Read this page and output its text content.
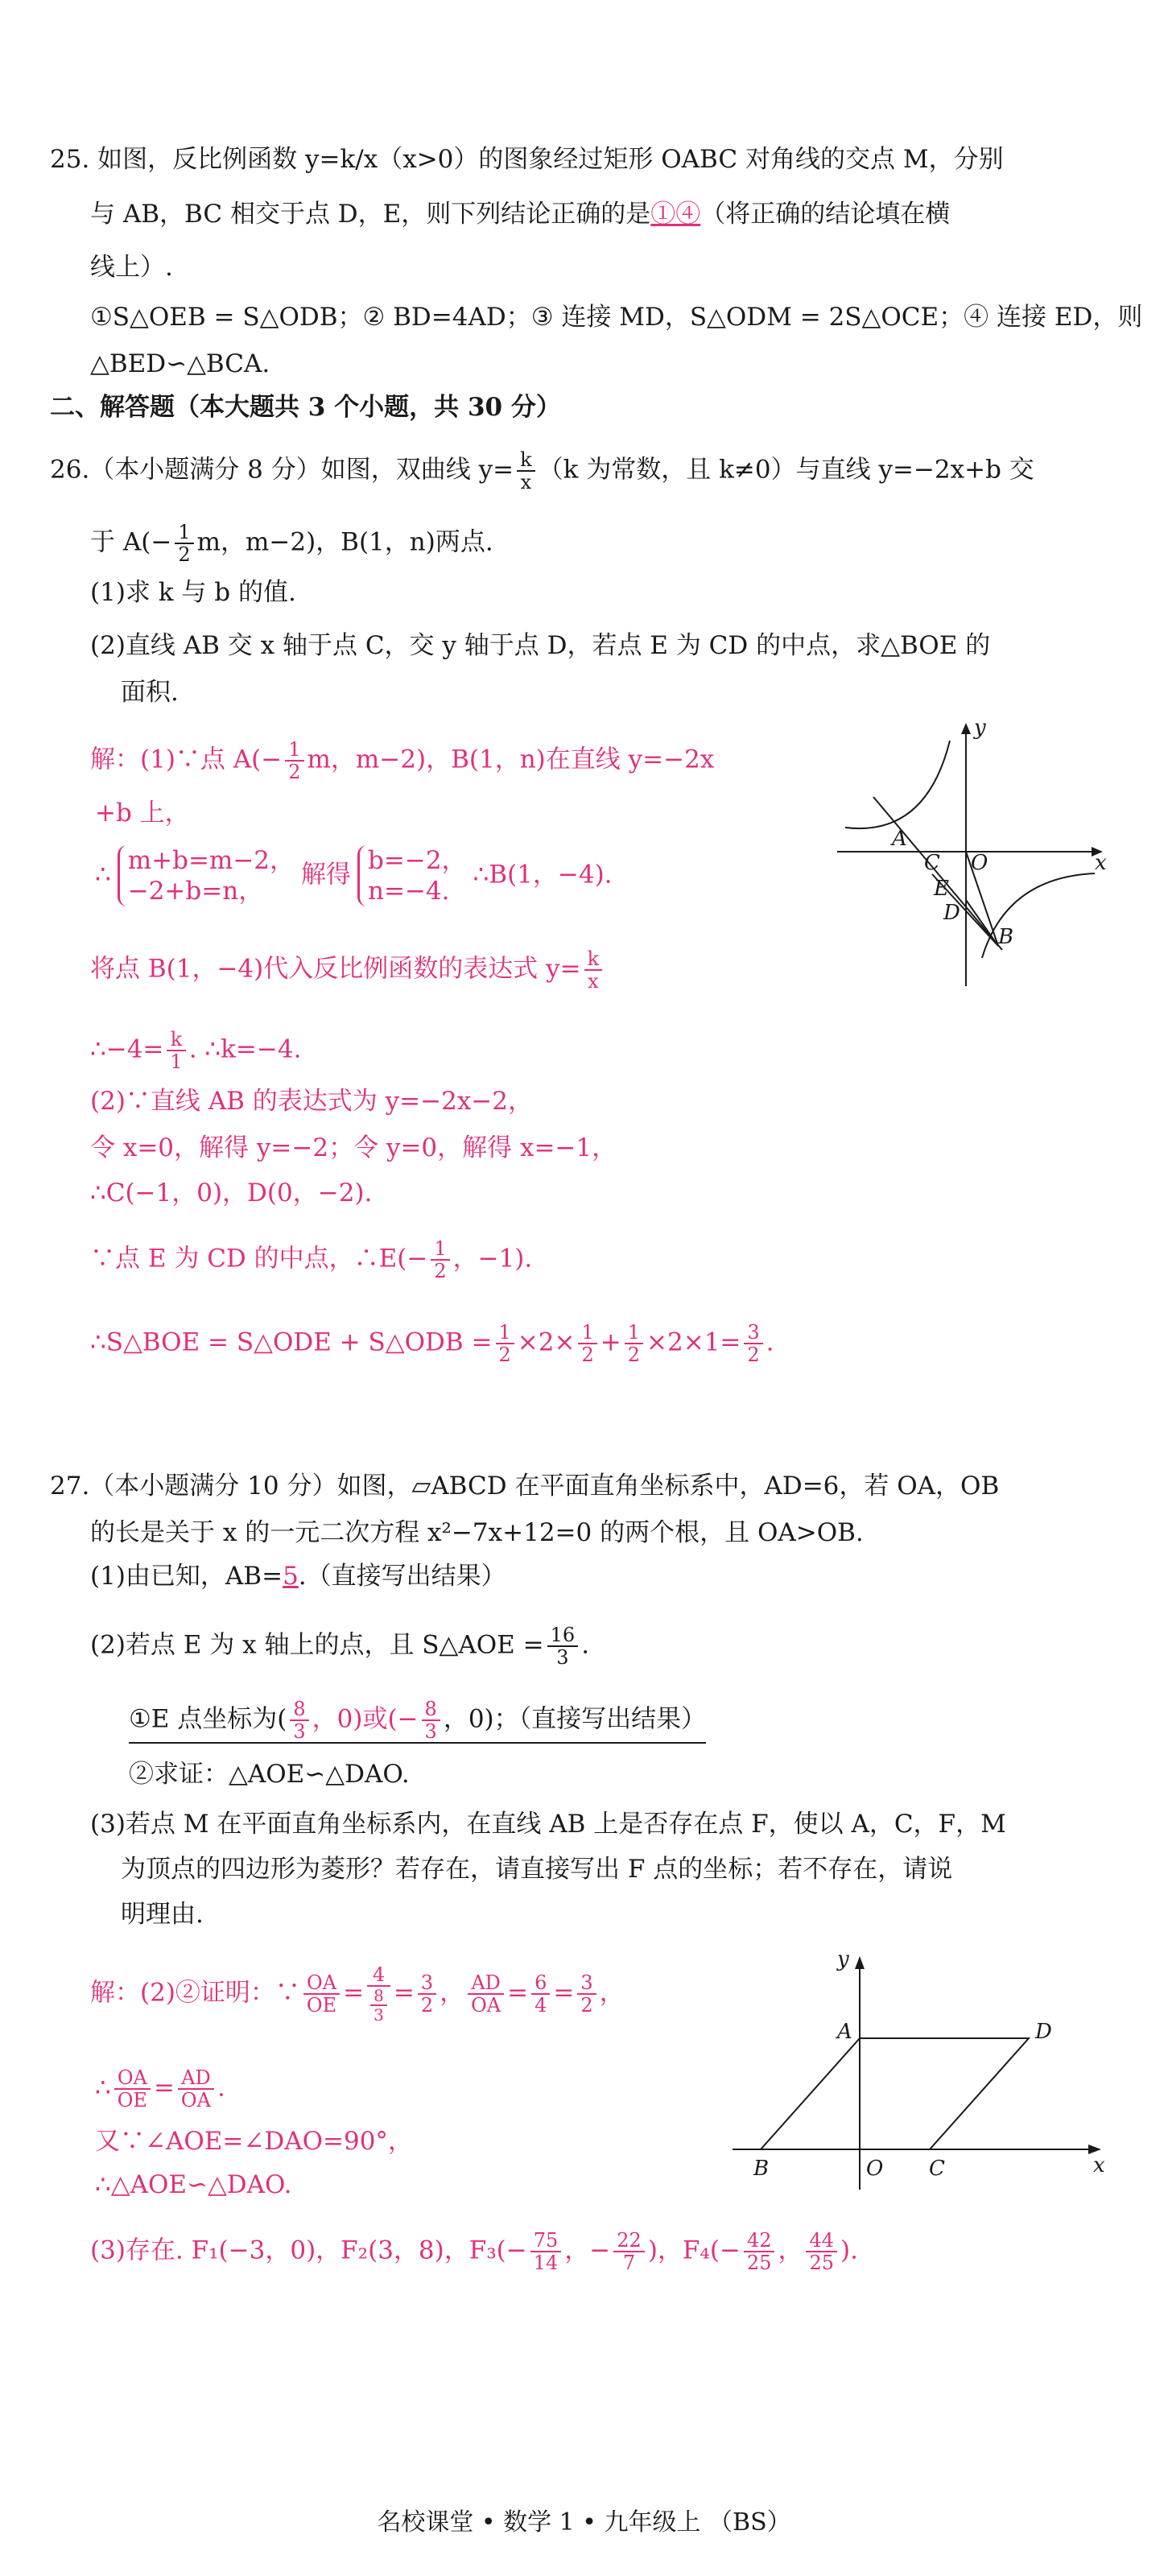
25. 如图，反比例函数 y=k/x（x>0）的图象经过矩形 OABC 对角线的交点 M，分别
与 AB，BC 相交于点 D，E，则下列结论正确的是①④（将正确的结论填在横
线上）.
①S△OEB = S△ODB；② BD=4AD；③ 连接 MD，S△ODM = 2S△OCE；④ 连接 ED，则
△BED∽△BCA.
二、解答题（本大题共 3 个小题，共 30 分）
26.（本小题满分 8 分）如图，双曲线 $y= \frac{k}{x} (k$ 为常数，且 k≠0）与直线 y=−2x+b 交
于 $A(- \frac{1}{2}$ m，m−2)，B(1，n)两点.
(1)求 k 与 b 的值.
(2)直线 AB 交 x 轴于点 C，交 y 轴于点 D，若点 E 为 CD 的中点，求△BOE 的
面积.
解：(1)∵点 $A(- \frac{1}{2}$ m，m−2)，B(1，n)在直线 y=−2x
+b 上，
∴ m+b=m−2，
−2+b=n，
解得 b=−2，
n=−4.
∴B(1，−4).
将点 B(1，−4)代入反比例函数的表达式 $y= \frac{k}{x}$
∴−4= $\frac{k}{1}$ . ∴k=−4.
(2)∵直线 AB 的表达式为 y=−2x−2，
令 x=0，解得 y=−2；令 y=0，解得 x=−1，
∴C(−1，0)，D(0，−2).
∵点 E 为 CD 的中点，∴E(− $\frac{1}{2}$ ，−1).
∴S△BOE = S△ODE + S△ODB = $\frac{1}{2} \times 2\times \frac{1}{2} + \frac{1}{2} \times 2\times 1= \frac{3}{2}$ .
x
y
A
C O
E
D
B
27.（本小题满分 10 分）如图，▱ABCD 在平面直角坐标系中，AD=6，若 OA，OB
的长是关于 x 的一元二次方程 x²−7x+12=0 的两个根，且 OA>OB.
(1)由已知，AB=5.（直接写出结果）
(2)若点 E 为 x 轴上的点，且 S△AOE = $\frac{16}{3}$ .
①E 点坐标为( $\frac{8}{3}$ ，0)或(− $\frac{8}{3}$ ，0)；（直接写出结果）
②求证：△AOE∽△DAO.
(3)若点 M 在平面直角坐标系内，在直线 AB 上是否存在点 F，使以 A，C，F，M
为顶点的四边形为菱形？若存在，请直接写出 F 点的坐标；若不存在，请说
明理由.
解：(2)②证明：∵ $\frac{OA}{OE} = \frac{4}{\frac{8}{3}} = \frac{3}{2}$ ， $\frac{AD}{OA} = \frac{6}{4} = \frac{3}{2}$ ，
∴ $\frac{OA}{OE} = \frac{AD}{OA}$ .
又∵∠AOE=∠DAO=90°，
∴△AOE∽△DAO.
(3)存在. F₁(−3，0)，F₂(3，8)，$F_3(- \frac{75}{14}$ ，− $\frac{22}{7}$ )，$F_4(- \frac{42}{25}$ ， $\frac{44}{25}$ ).
x
y
A	D
B	O C
名校课堂 • 数学 1 • 九年级上 （BS）
